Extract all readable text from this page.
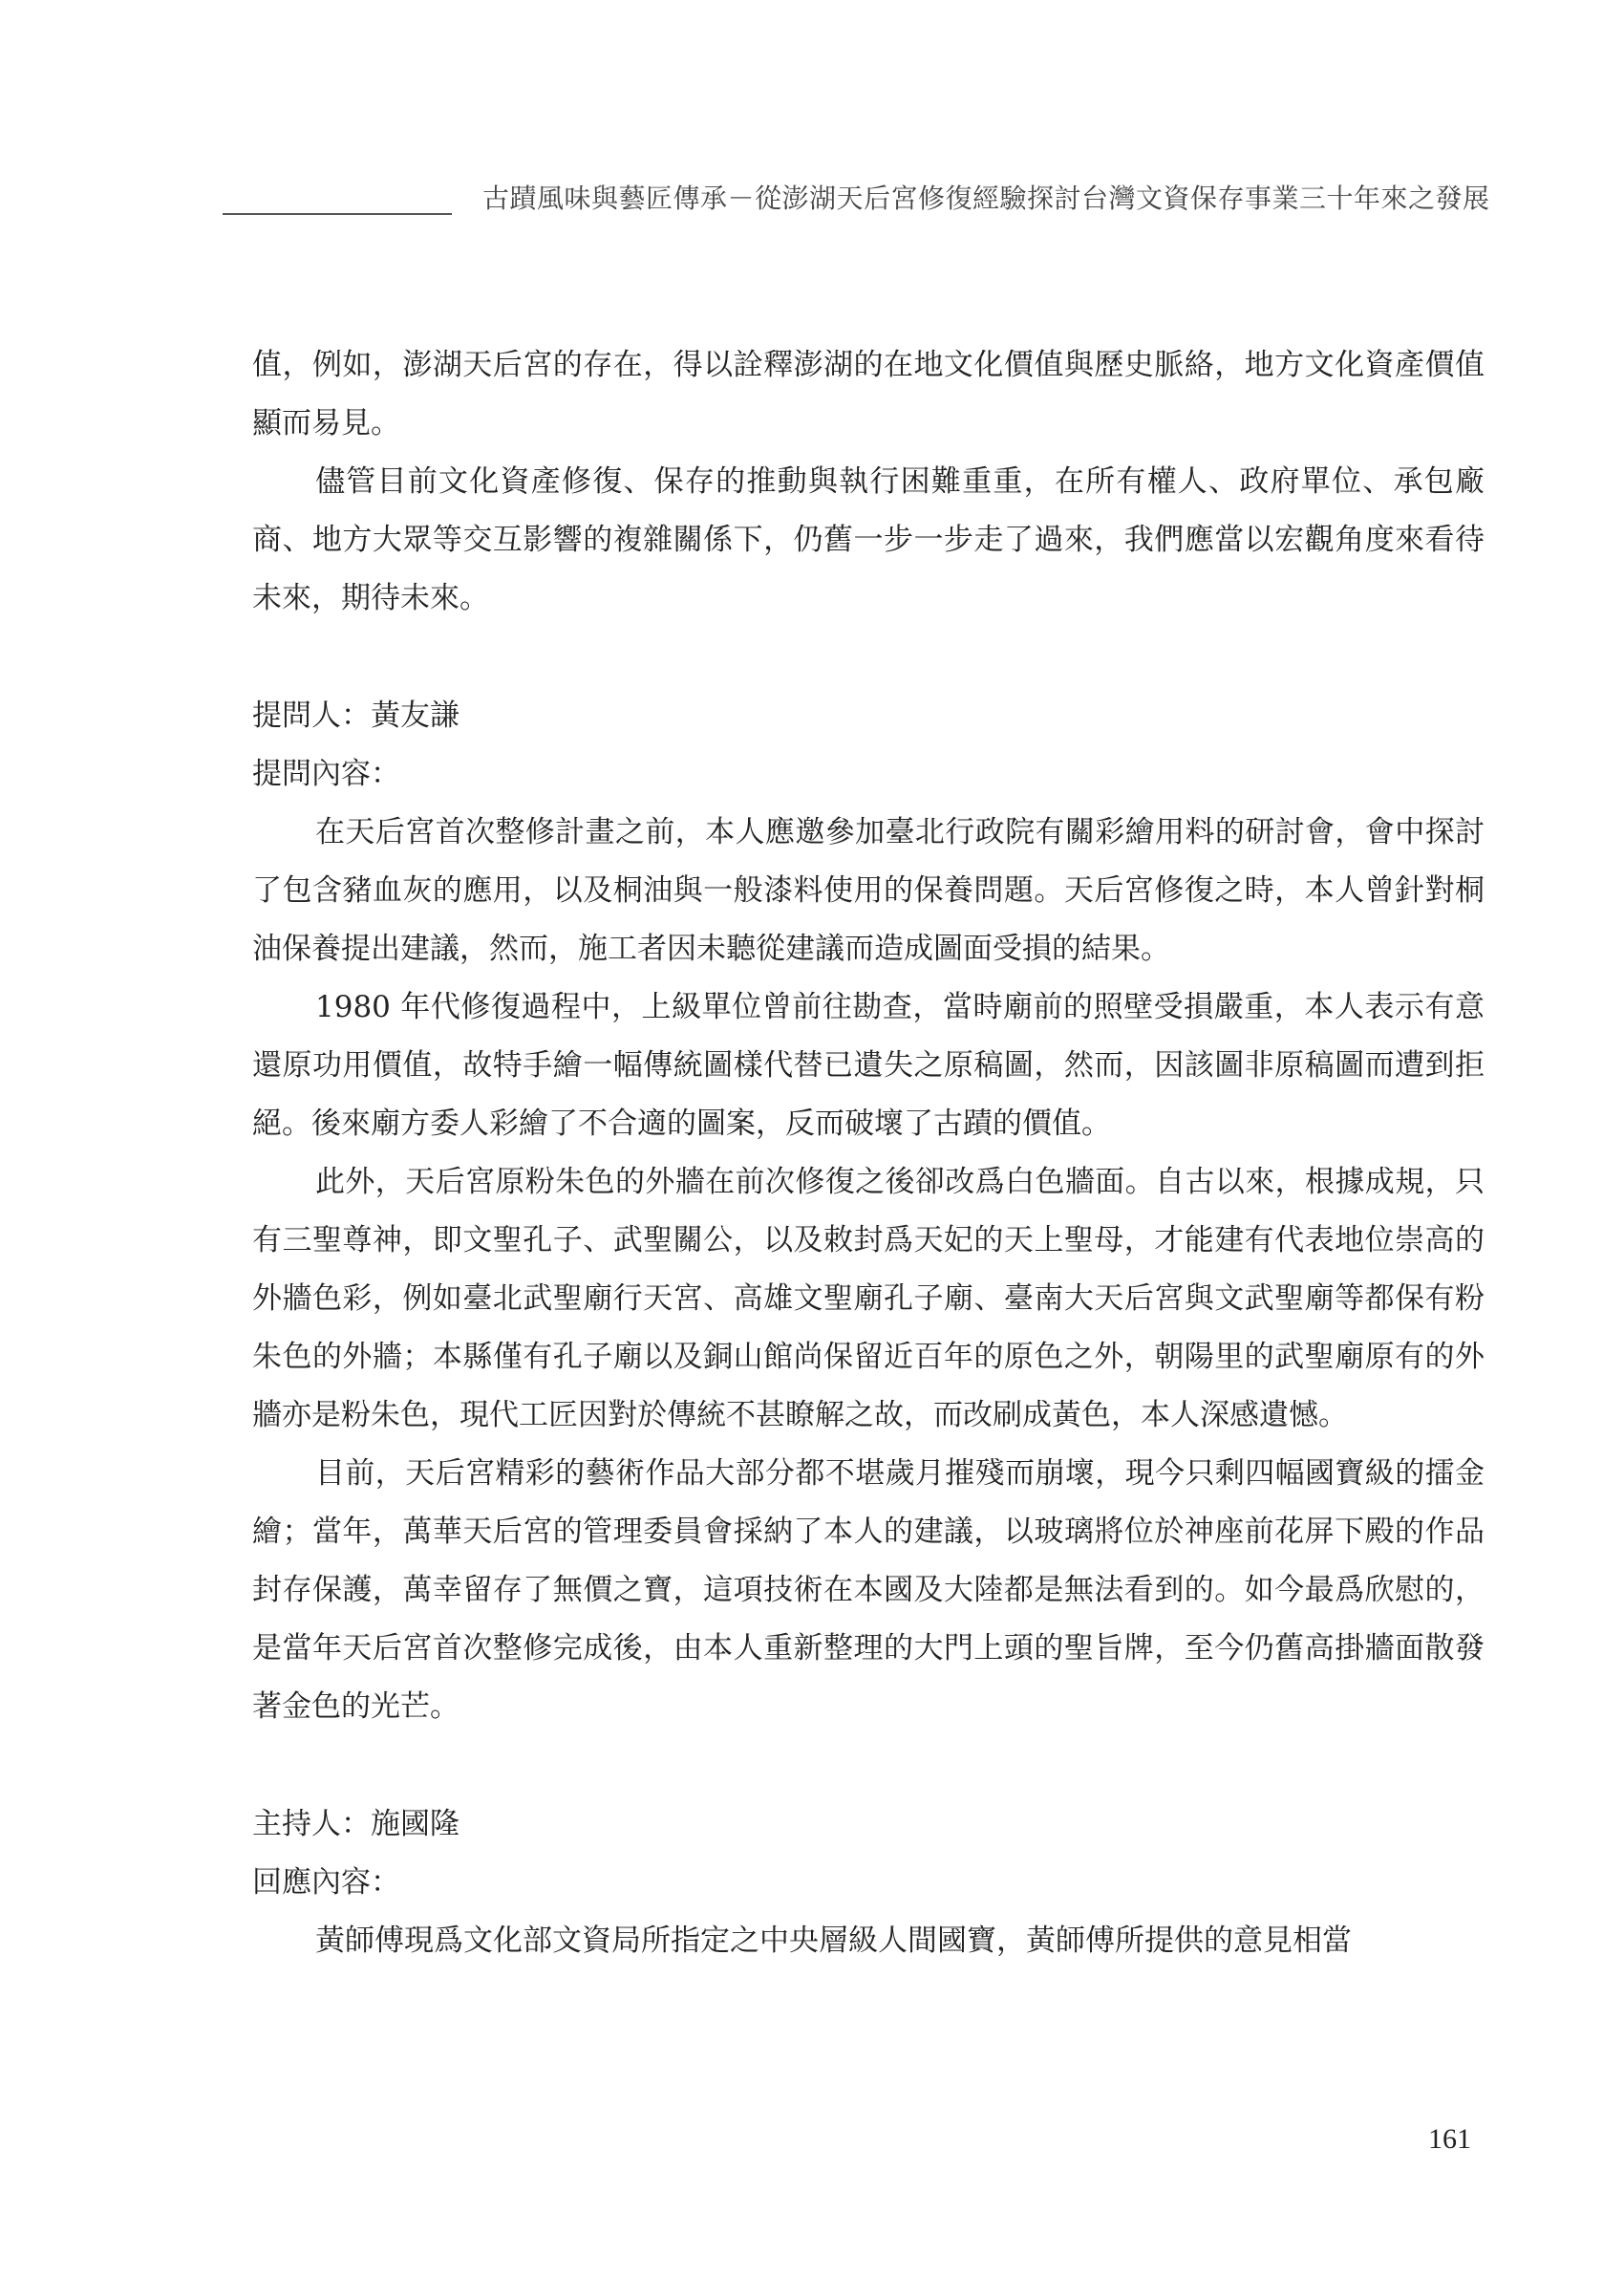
古蹟風味與藝匠傳承－從澎湖天后宮修復經驗探討台灣文資保存事業三十年來之發展

值，例如，澎湖天后宮的存在，得以詮釋澎湖的在地文化價值與歷史脈絡，地方文化資產價值顯而易見。

儘管目前文化資產修復、保存的推動與執行困難重重，在所有權人、政府單位、承包廠商、地方大眾等交互影響的複雜關係下，仍舊一步一步走了過來，我們應當以宏觀角度來看待未來，期待未來。

提問人：黃友謙

提問內容：

在天后宮首次整修計畫之前，本人應邀參加臺北行政院有關彩繪用料的研討會，會中探討了包含豬血灰的應用，以及桐油與一般漆料使用的保養問題。天后宮修復之時，本人曾針對桐油保養提出建議，然而，施工者因未聽從建議而造成圖面受損的結果。

1980 年代修復過程中，上級單位曾前往勘查，當時廟前的照壁受損嚴重，本人表示有意還原功用價值，故特手繪一幅傳統圖樣代替已遺失之原稿圖，然而，因該圖非原稿圖而遭到拒絕。後來廟方委人彩繪了不合適的圖案，反而破壞了古蹟的價值。

此外，天后宮原粉朱色的外牆在前次修復之後卻改爲白色牆面。自古以來，根據成規，只有三聖尊神，即文聖孔子、武聖關公，以及敕封爲天妃的天上聖母，才能建有代表地位崇高的外牆色彩，例如臺北武聖廟行天宮、高雄文聖廟孔子廟、臺南大天后宮與文武聖廟等都保有粉朱色的外牆；本縣僅有孔子廟以及銅山館尚保留近百年的原色之外，朝陽里的武聖廟原有的外牆亦是粉朱色，現代工匠因對於傳統不甚瞭解之故，而改刷成黃色，本人深感遺憾。

目前，天后宮精彩的藝術作品大部分都不堪歲月摧殘而崩壞，現今只剩四幅國寶級的擂金繪；當年，萬華天后宮的管理委員會採納了本人的建議，以玻璃將位於神座前花屏下殿的作品封存保護，萬幸留存了無價之寶，這項技術在本國及大陸都是無法看到的。如今最爲欣慰的，是當年天后宮首次整修完成後，由本人重新整理的大門上頭的聖旨牌，至今仍舊高掛牆面散發著金色的光芒。

主持人：施國隆

回應內容：

黃師傅現爲文化部文資局所指定之中央層級人間國寶，黃師傅所提供的意見相當

161
